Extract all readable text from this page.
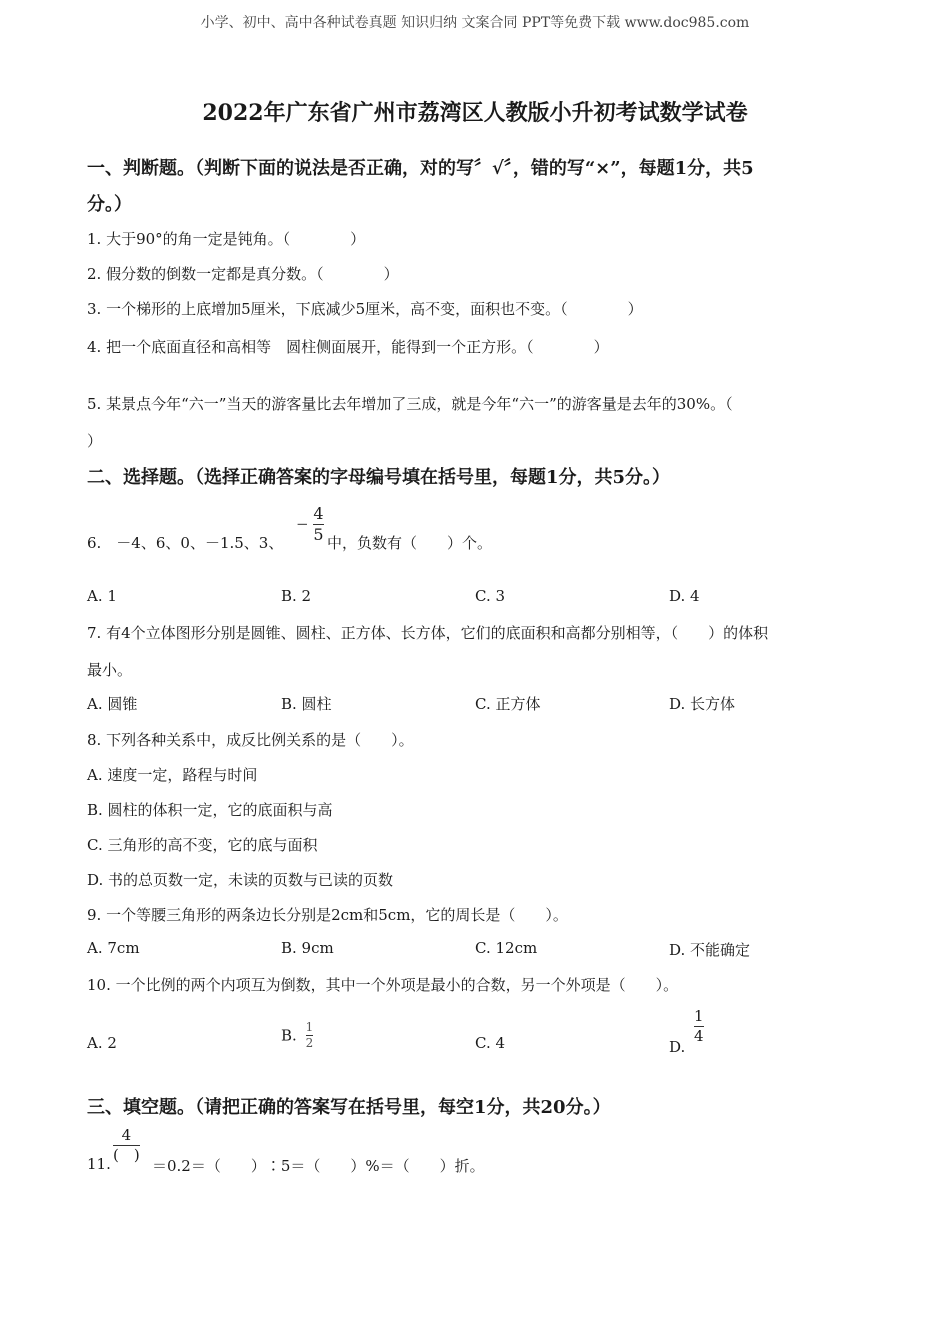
小学、初中、高中各种试卷真题 知识归纳 文案合同 PPT等免费下载 www.doc985.com
2022年广东省广州市荔湾区人教版小升初考试数学试卷
一、判断题。（判断下面的说法是否正确，对的写〞√〞，错的写“×”，每题1分，共5
分。）
1. 大于90°的角一定是钝角。（　　　　）
2. 假分数的倒数一定都是真分数。（　　　　）
3. 一个梯形的上底增加5厘米，下底减少5厘米，高不变，面积也不变。（　　　　）
4. 把一个底面直径和高相等　圆柱侧面展开，能得到一个正方形。（　　　　）
5. 某景点今年“六一”当天的游客量比去年增加了三成，就是今年“六一”的游客量是去年的30%。（
）
二、选择题。（选择正确答案的字母编号填在括号里，每题1分，共5分。）
6.　－4、6、0、－1.5、3、
− $\frac{4}{5}$ 中，负数有（　　）个。
A. 1	B. 2	C. 3	D. 4
7. 有4个立体图形分别是圆锥、圆柱、正方体、长方体，它们的底面积和高都分别相等，（　　）的体积
最小。
A. 圆锥	B. 圆柱	C. 正方体	D. 长方体
8. 下列各种关系中，成反比例关系的是（　　）。
A. 速度一定，路程与时间
B. 圆柱的体积一定，它的底面积与高
C. 三角形的高不变，它的底与面积
D. 书的总页数一定，未读的页数与已读的页数
9. 一个等腰三角形的两条边长分别是2cm和5cm，它的周长是（　　）。
A. 7cm	B. 9cm	C. 12cm	D. 不能确定
10. 一个比例的两个内项互为倒数，其中一个外项是最小的合数，另一个外项是（　　）。
A. 2	B. $\frac{1}{2}$	C. 4	D.
$\frac{1}{4}$
三、填空题。（请把正确的答案写在括号里，每空1分，共20分。）
11.
$\frac{4}{( )}$
＝0.2＝（　　）∶5＝（　　）%＝（　　）折。
